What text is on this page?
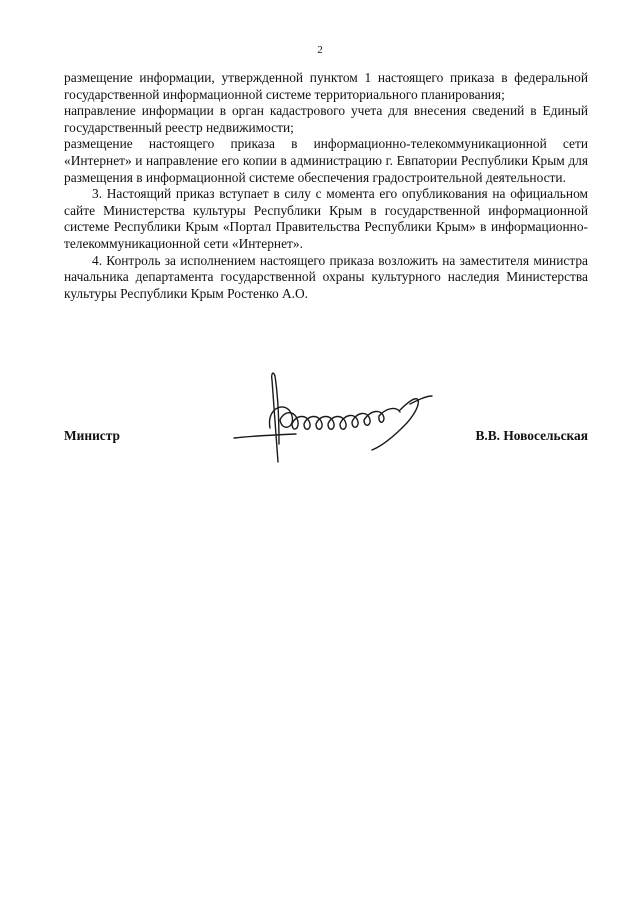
2

размещение информации, утвержденной пунктом 1 настоящего приказа в федеральной государственной информационной системе территориального планирования;

направление информации в орган кадастрового учета для внесения сведений в Единый государственный реестр недвижимости;

размещение настоящего приказа в информационно-телекоммуникационной сети «Интернет» и направление его копии в администрацию г. Евпатории Республики Крым для размещения в информационной системе обеспечения градостроительной деятельности.

3. Настоящий приказ вступает в силу с момента его опубликования на официальном сайте Министерства культуры Республики Крым в государственной информационной системе Республики Крым «Портал Правительства Республики Крым» в информационно-телекоммуникационной сети «Интернет».

4. Контроль за исполнением настоящего приказа возложить на заместителя министра начальника департамента государственной охраны культурного наследия Министерства культуры Республики Крым Ростенко А.О.

Министр	В.В. Новосельская
